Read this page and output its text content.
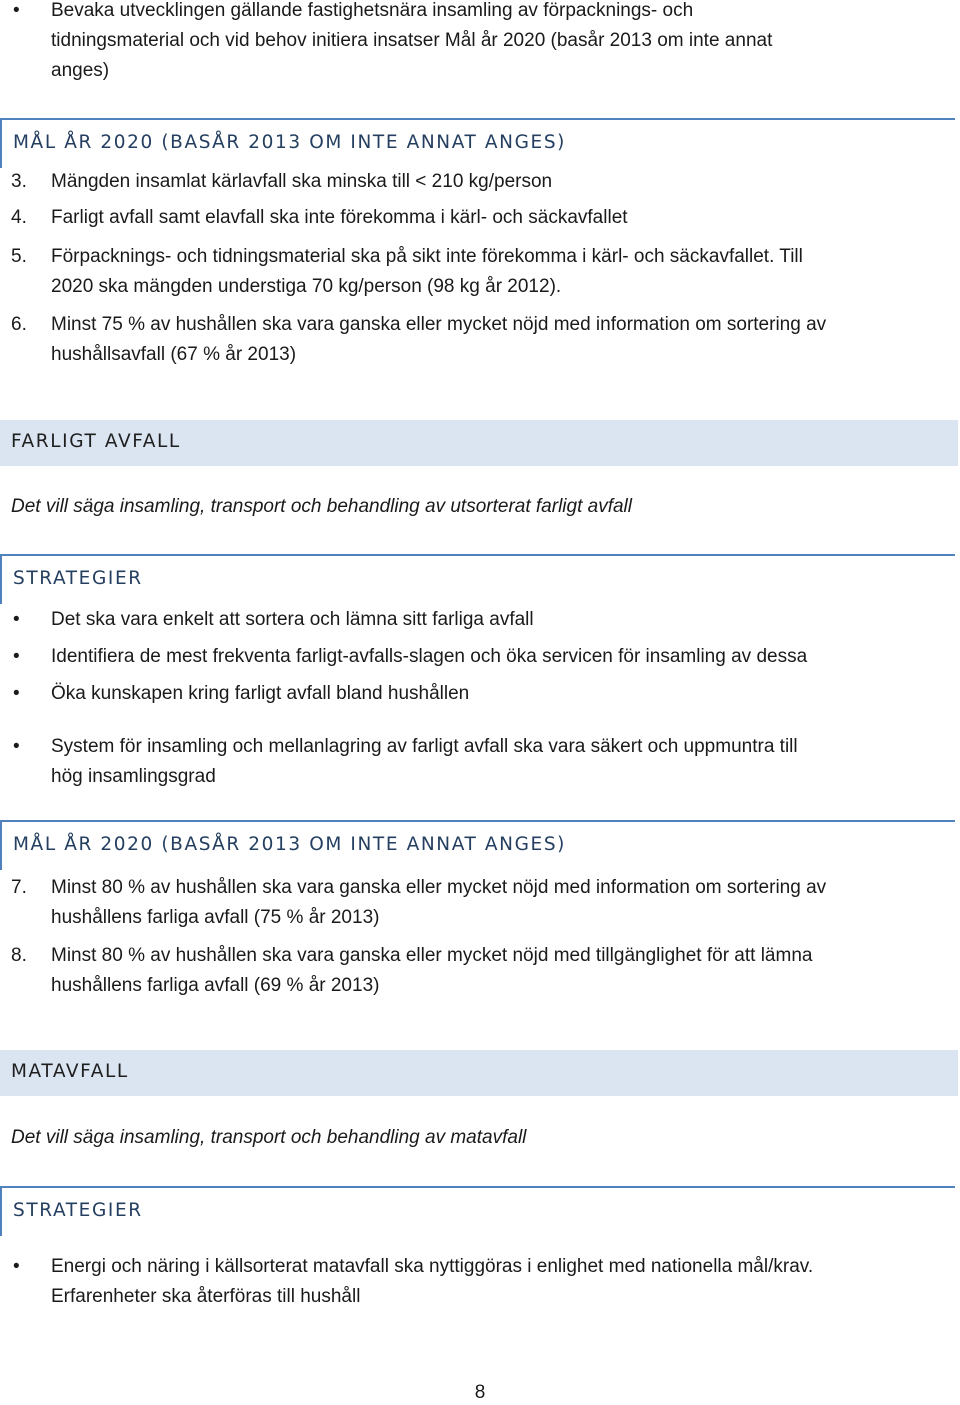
• Bevaka utvecklingen gällande fastighetsnära insamling av förpacknings- och
tidningsmaterial och vid behov initiera insatser Mål år 2020 (basår 2013 om inte annat
anges)
MÅL ÅR 2020 (BASÅR 2013 OM INTE ANNAT ANGES)
3. Mängden insamlat kärlavfall ska minska till < 210 kg/person
4. Farligt avfall samt elavfall ska inte förekomma i kärl- och säckavfallet
5. Förpacknings- och tidningsmaterial ska på sikt inte förekomma i kärl- och säckavfallet. Till
2020 ska mängden understiga 70 kg/person (98 kg år 2012).
6. Minst 75 % av hushållen ska vara ganska eller mycket nöjd med information om sortering av
hushållsavfall (67 % år 2013)
FARLIGT AVFALL
Det vill säga insamling, transport och behandling av utsorterat farligt avfall
STRATEGIER
• Det ska vara enkelt att sortera och lämna sitt farliga avfall
• Identifiera de mest frekventa farligt-avfalls-slagen och öka servicen för insamling av dessa
• Öka kunskapen kring farligt avfall bland hushållen
• System för insamling och mellanlagring av farligt avfall ska vara säkert och uppmuntra till
hög insamlingsgrad
MÅL ÅR 2020 (BASÅR 2013 OM INTE ANNAT ANGES)
7. Minst 80 % av hushållen ska vara ganska eller mycket nöjd med information om sortering av
hushållens farliga avfall (75 % år 2013)
8. Minst 80 % av hushållen ska vara ganska eller mycket nöjd med tillgänglighet för att lämna
hushållens farliga avfall (69 % år 2013)
MATAVFALL
Det vill säga insamling, transport och behandling av matavfall
STRATEGIER
• Energi och näring i källsorterat matavfall ska nyttiggöras i enlighet med nationella mål/krav.
Erfarenheter ska återföras till hushåll
8
